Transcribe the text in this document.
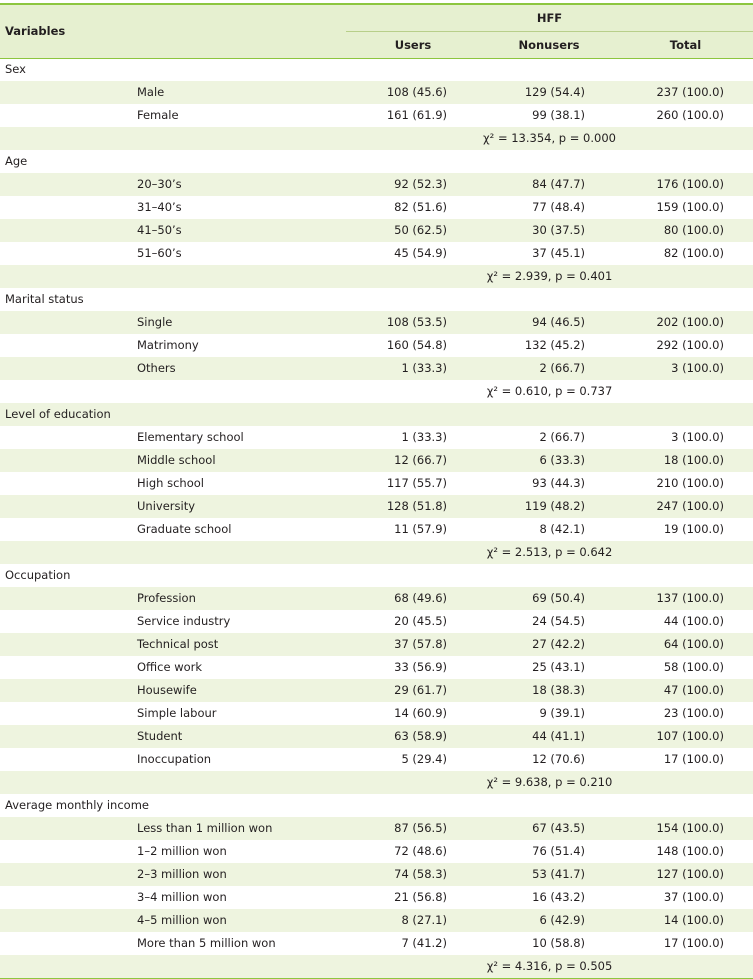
Variables
HFF
Users	Nonusers	Total
Sex
Male	108 (45.6)	129 (54.4)	237 (100.0)
Female	161 (61.9)	99 (38.1)	260 (100.0)
χ² = 13.354, p = 0.000
Age
20–30’s	92 (52.3)	84 (47.7)	176 (100.0)
31–40’s	82 (51.6)	77 (48.4)	159 (100.0)
41–50’s	50 (62.5)	30 (37.5)	80 (100.0)
51–60’s	45 (54.9)	37 (45.1)	82 (100.0)
χ² = 2.939, p = 0.401
Marital status
Single	108 (53.5)	94 (46.5)	202 (100.0)
Matrimony	160 (54.8)	132 (45.2)	292 (100.0)
Others	1 (33.3)	2 (66.7)	3 (100.0)
χ² = 0.610, p = 0.737
Level of education
Elementary school	1 (33.3)	2 (66.7)	3 (100.0)
Middle school	12 (66.7)	6 (33.3)	18 (100.0)
High school	117 (55.7)	93 (44.3)	210 (100.0)
University	128 (51.8)	119 (48.2)	247 (100.0)
Graduate school	11 (57.9)	8 (42.1)	19 (100.0)
χ² = 2.513, p = 0.642
Occupation
Profession	68 (49.6)	69 (50.4)	137 (100.0)
Service industry	20 (45.5)	24 (54.5)	44 (100.0)
Technical post	37 (57.8)	27 (42.2)	64 (100.0)
Office work	33 (56.9)	25 (43.1)	58 (100.0)
Housewife	29 (61.7)	18 (38.3)	47 (100.0)
Simple labour	14 (60.9)	9 (39.1)	23 (100.0)
Student	63 (58.9)	44 (41.1)	107 (100.0)
Inoccupation	5 (29.4)	12 (70.6)	17 (100.0)
χ² = 9.638, p = 0.210
Average monthly income
Less than 1 million won	87 (56.5)	67 (43.5)	154 (100.0)
1–2 million won	72 (48.6)	76 (51.4)	148 (100.0)
2–3 million won	74 (58.3)	53 (41.7)	127 (100.0)
3–4 million won	21 (56.8)	16 (43.2)	37 (100.0)
4–5 million won	8 (27.1)	6 (42.9)	14 (100.0)
More than 5 million won	7 (41.2)	10 (58.8)	17 (100.0)
χ² = 4.316, p = 0.505
